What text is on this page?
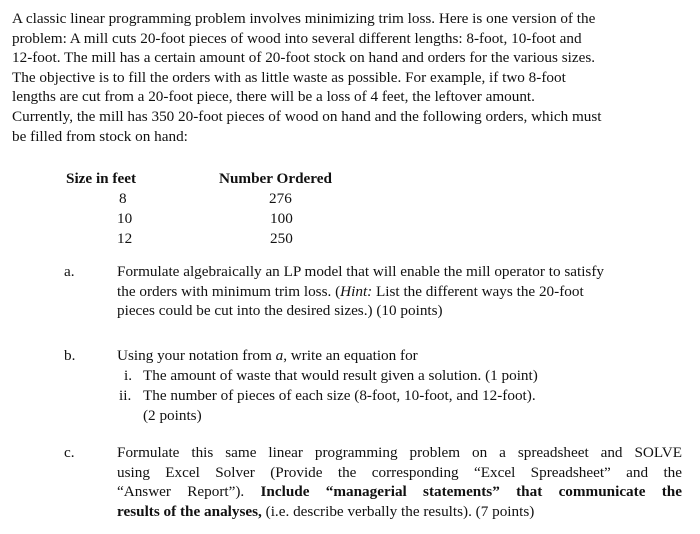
A classic linear programming problem involves minimizing trim loss. Here is one version of the
problem: A mill cuts 20-foot pieces of wood into several different lengths: 8-foot, 10-foot and
12-foot. The mill has a certain amount of 20-foot stock on hand and orders for the various sizes.
The objective is to fill the orders with as little waste as possible. For example, if two 8-foot
lengths are cut from a 20-foot piece, there will be a loss of 4 feet, the leftover amount.
Currently, the mill has 350 20-foot pieces of wood on hand and the following orders, which must
be filled from stock on hand:
Size in feet	Number Ordered
8	276
10	100
12	250
a.	Formulate algebraically an LP model that will enable the mill operator to satisfy
the orders with minimum trim loss. (Hint: List the different ways the 20-foot
pieces could be cut into the desired sizes.) (10 points)
b.	Using your notation from a, write an equation for
i. The amount of waste that would result given a solution. (1 point)
ii. The number of pieces of each size (8-foot, 10-foot, and 12-foot).
(2 points)
c.	Formulate this same linear programming problem on a spreadsheet and SOLVE
using Excel Solver (Provide the corresponding “Excel Spreadsheet” and the
“Answer Report”). Include “managerial statements” that communicate the
results of the analyses, (i.e. describe verbally the results). (7 points)
